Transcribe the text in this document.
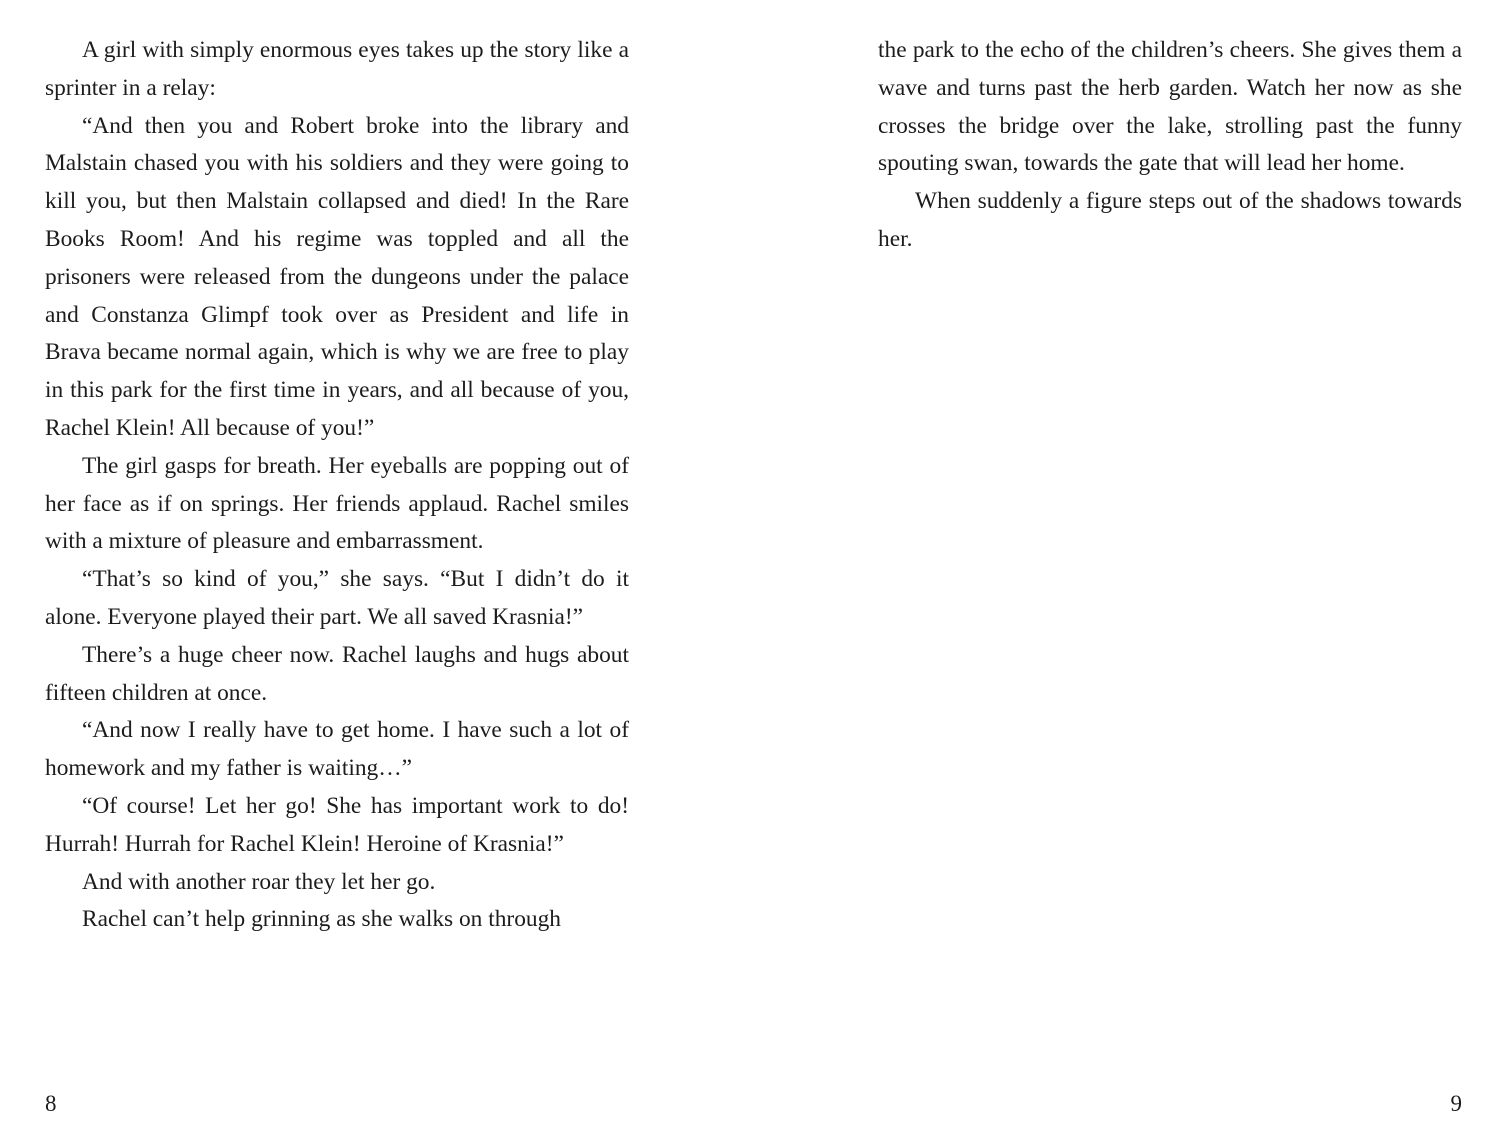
A girl with simply enormous eyes takes up the story like a sprinter in a relay:

“And then you and Robert broke into the library and Malstain chased you with his soldiers and they were going to kill you, but then Malstain collapsed and died! In the Rare Books Room! And his regime was toppled and all the prisoners were released from the dungeons under the palace and Constanza Glimpf took over as President and life in Brava became normal again, which is why we are free to play in this park for the first time in years, and all because of you, Rachel Klein! All because of you!”

The girl gasps for breath. Her eyeballs are popping out of her face as if on springs. Her friends applaud. Rachel smiles with a mixture of pleasure and embarrassment.

“That’s so kind of you,” she says. “But I didn’t do it alone. Everyone played their part. We all saved Krasnia!”

There’s a huge cheer now. Rachel laughs and hugs about fifteen children at once.

“And now I really have to get home. I have such a lot of homework and my father is waiting…”

“Of course! Let her go! She has important work to do! Hurrah! Hurrah for Rachel Klein! Heroine of Krasnia!”

And with another roar they let her go.

Rachel can’t help grinning as she walks on through

the park to the echo of the children’s cheers. She gives them a wave and turns past the herb garden. Watch her now as she crosses the bridge over the lake, strolling past the funny spouting swan, towards the gate that will lead her home.

When suddenly a figure steps out of the shadows towards her.

8	9
